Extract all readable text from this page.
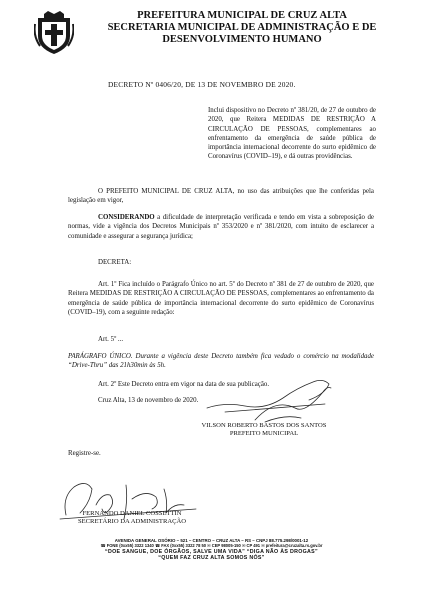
PREFEITURA MUNICIPAL DE CRUZ ALTA
SECRETARIA MUNICIPAL DE ADMINISTRAÇÃO E DE
DESENVOLVIMENTO HUMANO
DECRETO Nº 0406/20, DE 13 DE NOVEMBRO DE 2020.
Inclui dispositivo no Decreto nº 381/20, de 27 de outubro de 2020, que Reitera MEDIDAS DE RESTRIÇÃO A CIRCULAÇÃO DE PESSOAS, complementares ao enfrentamento da emergência de saúde pública de importância internacional decorrente do surto epidêmico de Coronavírus (COVID–19), e dá outras providências.
O PREFEITO MUNICIPAL DE CRUZ ALTA, no uso das atribuições que lhe conferidas pela legislação em vigor,
CONSIDERANDO a dificuldade de interpretação verificada e tendo em vista a sobreposição de normas, vide a vigência dos Decretos Municipais nº 353/2020 e nº 381/2020, com intuito de esclarecer a comunidade e assegurar a segurança jurídica;
DECRETA:
Art. 1º Fica incluído o Parágrafo Único no art. 5º do Decreto nº 381 de 27 de outubro de 2020, que Reitera MEDIDAS DE RESTRIÇÃO A CIRCULAÇÃO DE PESSOAS, complementares ao enfrentamento da emergência de saúde pública de importância internacional decorrente do surto epidêmico de Coronavírus (COVID–19), com a seguinte redação:
Art. 5º ...
PARÁGRAFO ÚNICO. Durante a vigência deste Decreto também fica vedado o comércio na modalidade “Drive-Thru” das 21h30min às 5h.
Art. 2º Este Decreto entra em vigor na data de sua publicação.
Cruz Alta, 13 de novembro de 2020.
VILSON ROBERTO BASTOS DOS SANTOS
PREFEITO MUNICIPAL
Registre-se.
FERNANDO DANIEL COSSETTIN
SECRETÁRIO DA ADMINISTRAÇÃO
AVENIDA GENERAL OSÓRIO – 521 – CENTRO – CRUZ ALTA – RS – CNPJ 88.775.298/0001-12
☎ FONE (0xx55) 3322 1340 ☎ FAX (0xx55) 3322 78 50 ✉ CEP 98005-150 ✉ CP 491 ✉ prefeitura@cruzalta.rs.gov.br
“DOE SANGUE, DOE ÓRGÃOS, SALVE UMA VIDA” “DIGA NÃO ÀS DROGAS”
“QUEM FAZ CRUZ ALTA SOMOS NÓS”
